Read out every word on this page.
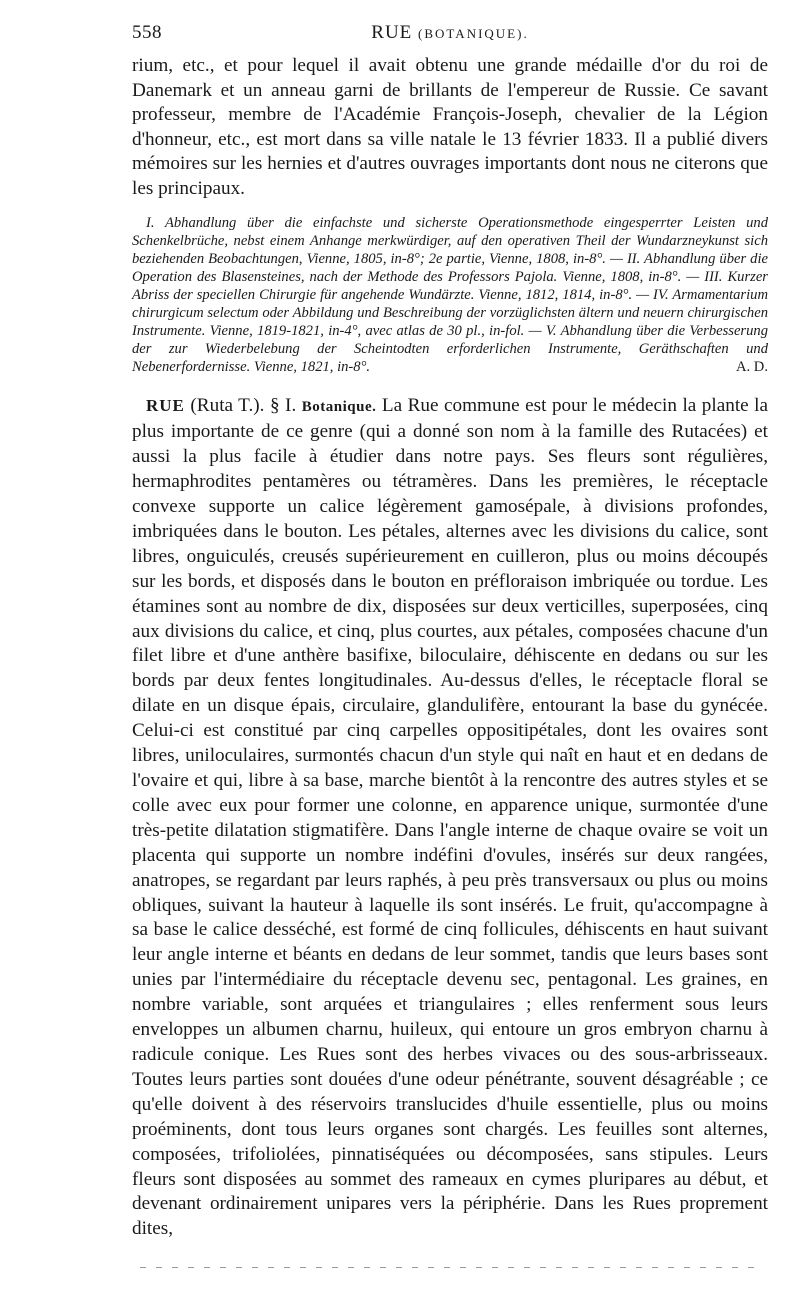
558	RUE (BOTANIQUE).

rium, etc., et pour lequel il avait obtenu une grande médaille d'or du roi de Danemark et un anneau garni de brillants de l'empereur de Russie. Ce savant professeur, membre de l'Académie François-Joseph, chevalier de la Légion d'honneur, etc., est mort dans sa ville natale le 13 février 1833. Il a publié divers mémoires sur les hernies et d'autres ouvrages importants dont nous ne citerons que les principaux.

I. Abhandlung über die einfachste und sicherste Operationsmethode eingesperrter Leisten und Schenkelbrüche, nebst einem Anhange merkwürdiger, auf den operativen Theil der Wundarzneykunst sich beziehenden Beobachtungen, Vienne, 1805, in-8°; 2e partie, Vienne, 1808, in-8°. — II. Abhandlung über die Operation des Blasensteines, nach der Methode des Professors Pajola. Vienne, 1808, in-8°. — III. Kurzer Abriss der speciellen Chirurgie für angehende Wundärzte. Vienne, 1812, 1814, in-8°. — IV. Armamentarium chirurgicum selectum oder Abbildung und Beschreibung der vorzüglichsten ältern und neuern chirurgischen Instrumente. Vienne, 1819-1821, in-4°, avec atlas de 30 pl., in-fol. — V. Abhandlung über die Verbesserung der zur Wiederbelebung der Scheintodten erforderlichen Instrumente, Geräthschaften und Nebenerfordernisse. Vienne, 1821, in-8°.	A. D.

RUE (Ruta T.). § I. Botanique. La Rue commune est pour le médecin la plante la plus importante de ce genre (qui a donné son nom à la famille des Rutacées) et aussi la plus facile à étudier dans notre pays. Ses fleurs sont régulières, hermaphrodites pentamères ou tétramères. Dans les premières, le réceptacle convexe supporte un calice légèrement gamosépale, à divisions profondes, imbriquées dans le bouton. Les pétales, alternes avec les divisions du calice, sont libres, onguiculés, creusés supérieurement en cuilleron, plus ou moins découpés sur les bords, et disposés dans le bouton en préfloraison imbriquée ou tordue. Les étamines sont au nombre de dix, disposées sur deux verticilles, superposées, cinq aux divisions du calice, et cinq, plus courtes, aux pétales, composées chacune d'un filet libre et d'une anthère basifixe, biloculaire, déhiscente en dedans ou sur les bords par deux fentes longitudinales. Au-dessus d'elles, le réceptacle floral se dilate en un disque épais, circulaire, glandulifère, entourant la base du gynécée. Celui-ci est constitué par cinq carpelles oppositipétales, dont les ovaires sont libres, uniloculaires, surmontés chacun d'un style qui naît en haut et en dedans de l'ovaire et qui, libre à sa base, marche bientôt à la rencontre des autres styles et se colle avec eux pour former une colonne, en apparence unique, surmontée d'une très-petite dilatation stigmatifère. Dans l'angle interne de chaque ovaire se voit un placenta qui supporte un nombre indéfini d'ovules, insérés sur deux rangées, anatropes, se regardant par leurs raphés, à peu près transversaux ou plus ou moins obliques, suivant la hauteur à laquelle ils sont insérés. Le fruit, qu'accompagne à sa base le calice desséché, est formé de cinq follicules, déhiscents en haut suivant leur angle interne et béants en dedans de leur sommet, tandis que leurs bases sont unies par l'intermédiaire du réceptacle devenu sec, pentagonal. Les graines, en nombre variable, sont arquées et triangulaires ; elles renferment sous leurs enveloppes un albumen charnu, huileux, qui entoure un gros embryon charnu à radicule conique. Les Rues sont des herbes vivaces ou des sous-arbrisseaux. Toutes leurs parties sont douées d'une odeur pénétrante, souvent désagréable ; ce qu'elle doivent à des réservoirs translucides d'huile essentielle, plus ou moins proéminents, dont tous leurs organes sont chargés. Les feuilles sont alternes, composées, trifoliolées, pinnatiséquées ou décomposées, sans stipules. Leurs fleurs sont disposées au sommet des rameaux en cymes pluripares au début, et devenant ordinairement unipares vers la périphérie. Dans les Rues proprement dites,
